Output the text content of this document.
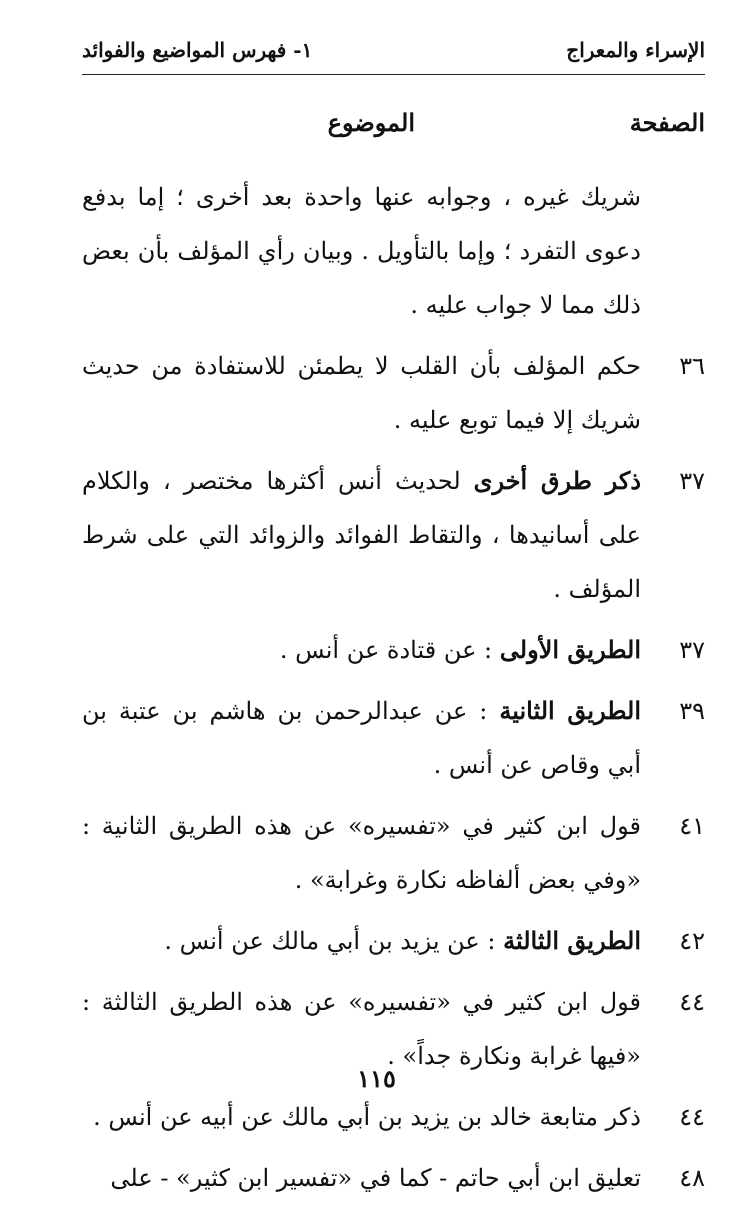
الإسراء والمعراج
١- فهرس المواضيع والفوائد
الصفحة
الموضوع
شريك غيره ، وجوابه عنها واحدة بعد أخرى ؛ إما بدفع دعوى التفرد ؛ وإما بالتأويل . وبيان رأي المؤلف بأن بعض ذلك مما لا جواب عليه .
٣٦
حكم المؤلف بأن القلب لا يطمئن للاستفادة من حديث شريك إلا فيما توبع عليه .
٣٧
ذكر طرق أخرى لحديث أنس أكثرها مختصر ، والكلام على أسانيدها ، والتقاط الفوائد والزوائد التي على شرط المؤلف .
٣٧
الطريق الأولى : عن قتادة عن أنس .
٣٩
الطريق الثانية : عن عبدالرحمن بن هاشم بن عتبة بن أبي وقاص عن أنس .
٤١
قول ابن كثير في «تفسيره» عن هذه الطريق الثانية : «وفي بعض ألفاظه نكارة وغرابة» .
٤٢
الطريق الثالثة : عن يزيد بن أبي مالك عن أنس .
٤٤
قول ابن كثير في «تفسيره» عن هذه الطريق الثالثة : «فيها غرابة ونكارة جداً» .
٤٤
ذكر متابعة خالد بن يزيد بن أبي مالك عن أبيه عن أنس .
٤٨
تعليق ابن أبي حاتم - كما في «تفسير ابن كثير» - على
١١٥
